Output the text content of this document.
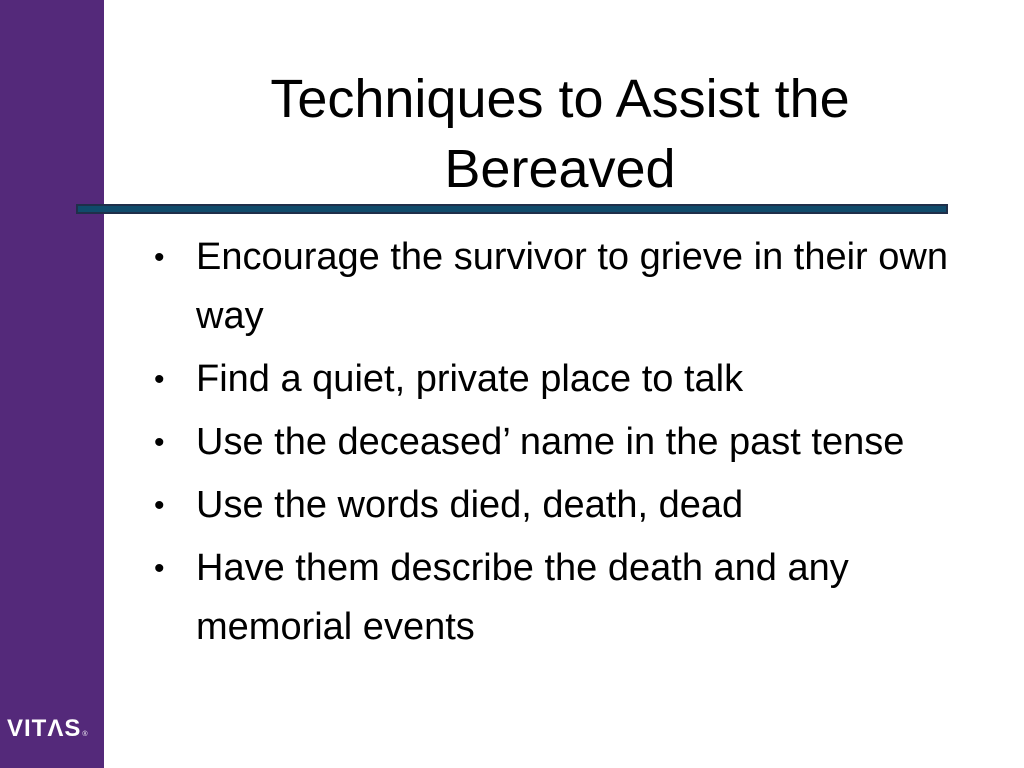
VITΛS®
Techniques to Assist the
Bereaved
• Encourage the survivor to grieve in their own way
• Find a quiet, private place to talk
• Use the deceased’ name in the past tense
• Use the words died, death, dead
• Have them describe the death and any memorial events
